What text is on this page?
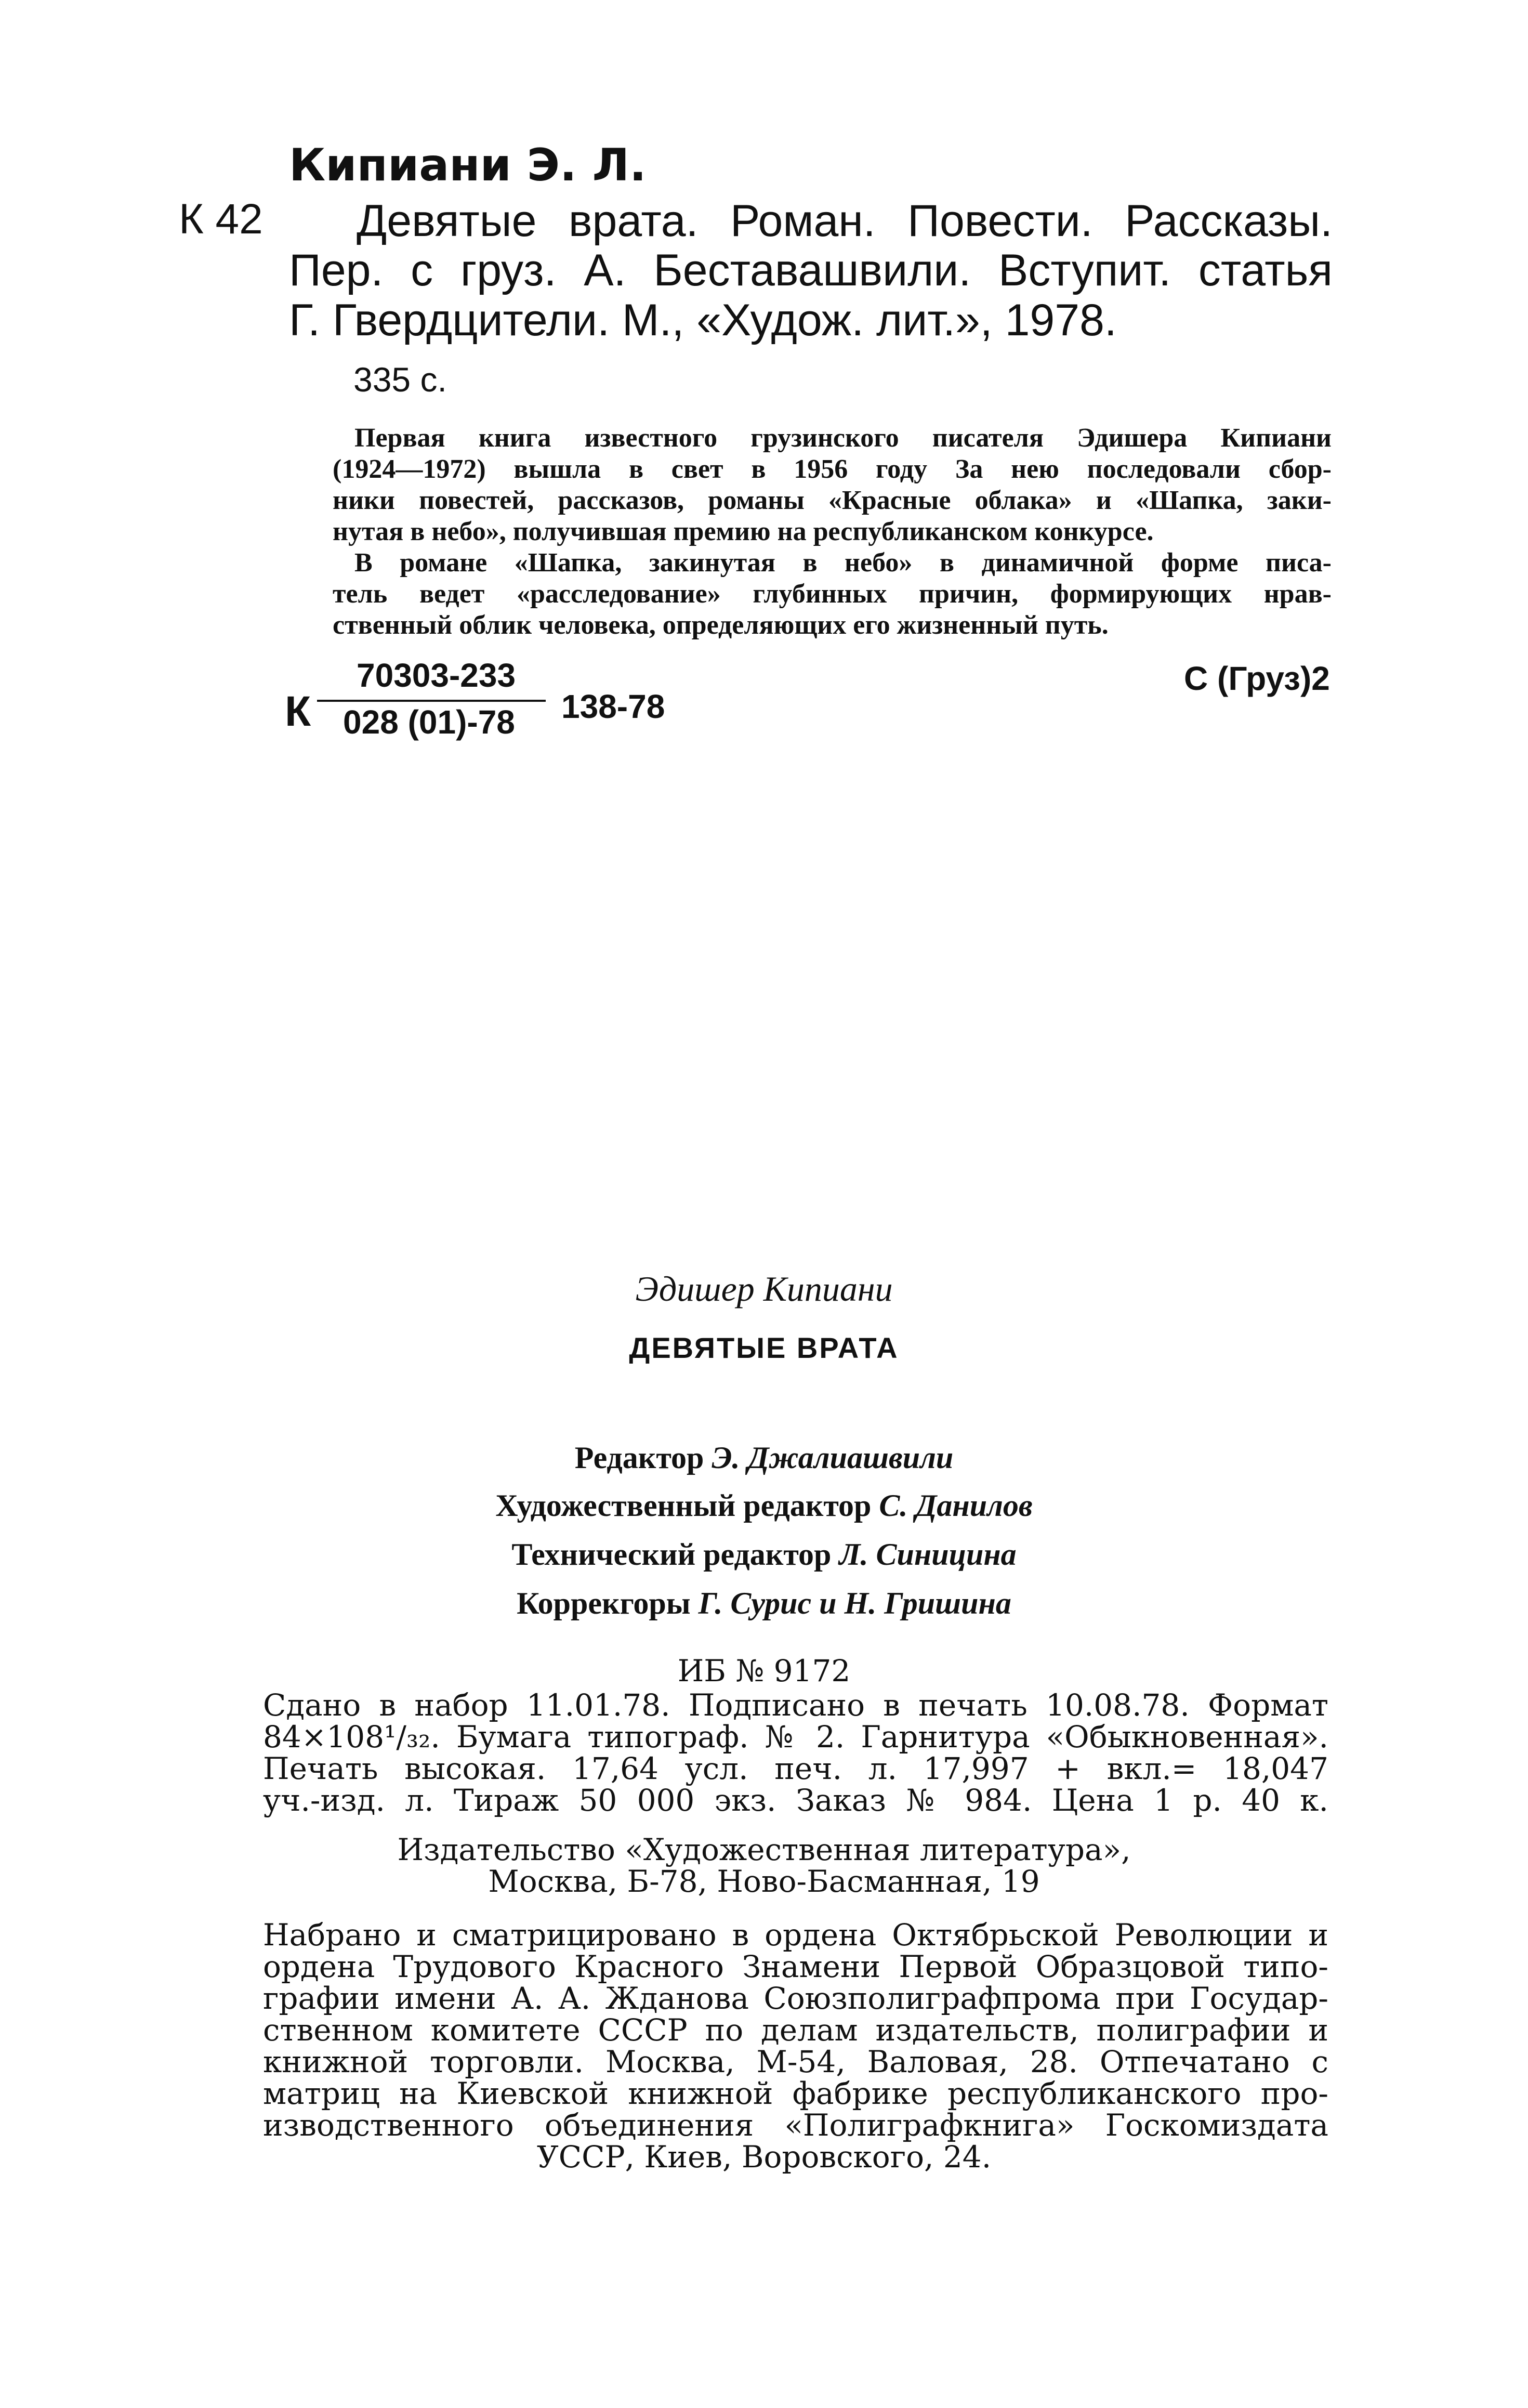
Кипиани Э. Л.
К 42 Девятые врата. Роман. Повести. Рассказы.
Пер. с груз. А. Беставашвили. Вступит. статья
Г. Гвердцители. М., «Худож. лит.», 1978.
335 с.
Первая книга известного грузинского писателя Эдишера Кипиани
(1924—1972) вышла в свет в 1956 году За нею последовали сбор-
ники повестей, рассказов, романы «Красные облака» и «Шапка, заки-
нутая в небо», получившая премию на республиканском конкурсе.
В романе «Шапка, закинутая в небо» в динамичной форме писа-
тель ведет «расследование» глубинных причин, формирующих нрав-
ственный облик человека, определяющих его жизненный путь.
К
70303-233
028 (01)-78 138-78
С (Груз)2
Эдишер Кипиани
ДЕВЯТЫЕ ВРАТА
Редактор Э. Джалиашвили
Художественный редактор С. Данилов
Технический редактор Л. Синицина
Коррекгоры Г. Сурис и Н. Гришина
ИБ № 9172
Сдано в набор 11.01.78. Подписано в печать 10.08.78. Формат
84×108¹/₃₂. Бумага типограф. № 2. Гарнитура «Обыкновенная».
Печать высокая. 17,64 усл. печ. л. 17,997 + вкл.= 18,047
уч.-изд. л. Тираж 50 000 экз. Заказ № 984. Цена 1 р. 40 к.
Издательство «Художественная литература»,
Москва, Б-78, Ново-Басманная, 19
Набрано и сматрицировано в ордена Октябрьской Революции и
ордена Трудового Красного Знамени Первой Образцовой типо-
графии имени А. А. Жданова Союзполиграфпрома при Государ-
ственном комитете СССР по делам издательств, полиграфии и
книжной торговли. Москва, М-54, Валовая, 28. Отпечатано с
матриц на Киевской книжной фабрике республиканского про-
изводственного объединения «Полиграфкнига» Госкомиздата
УССР, Киев, Воровского, 24.
